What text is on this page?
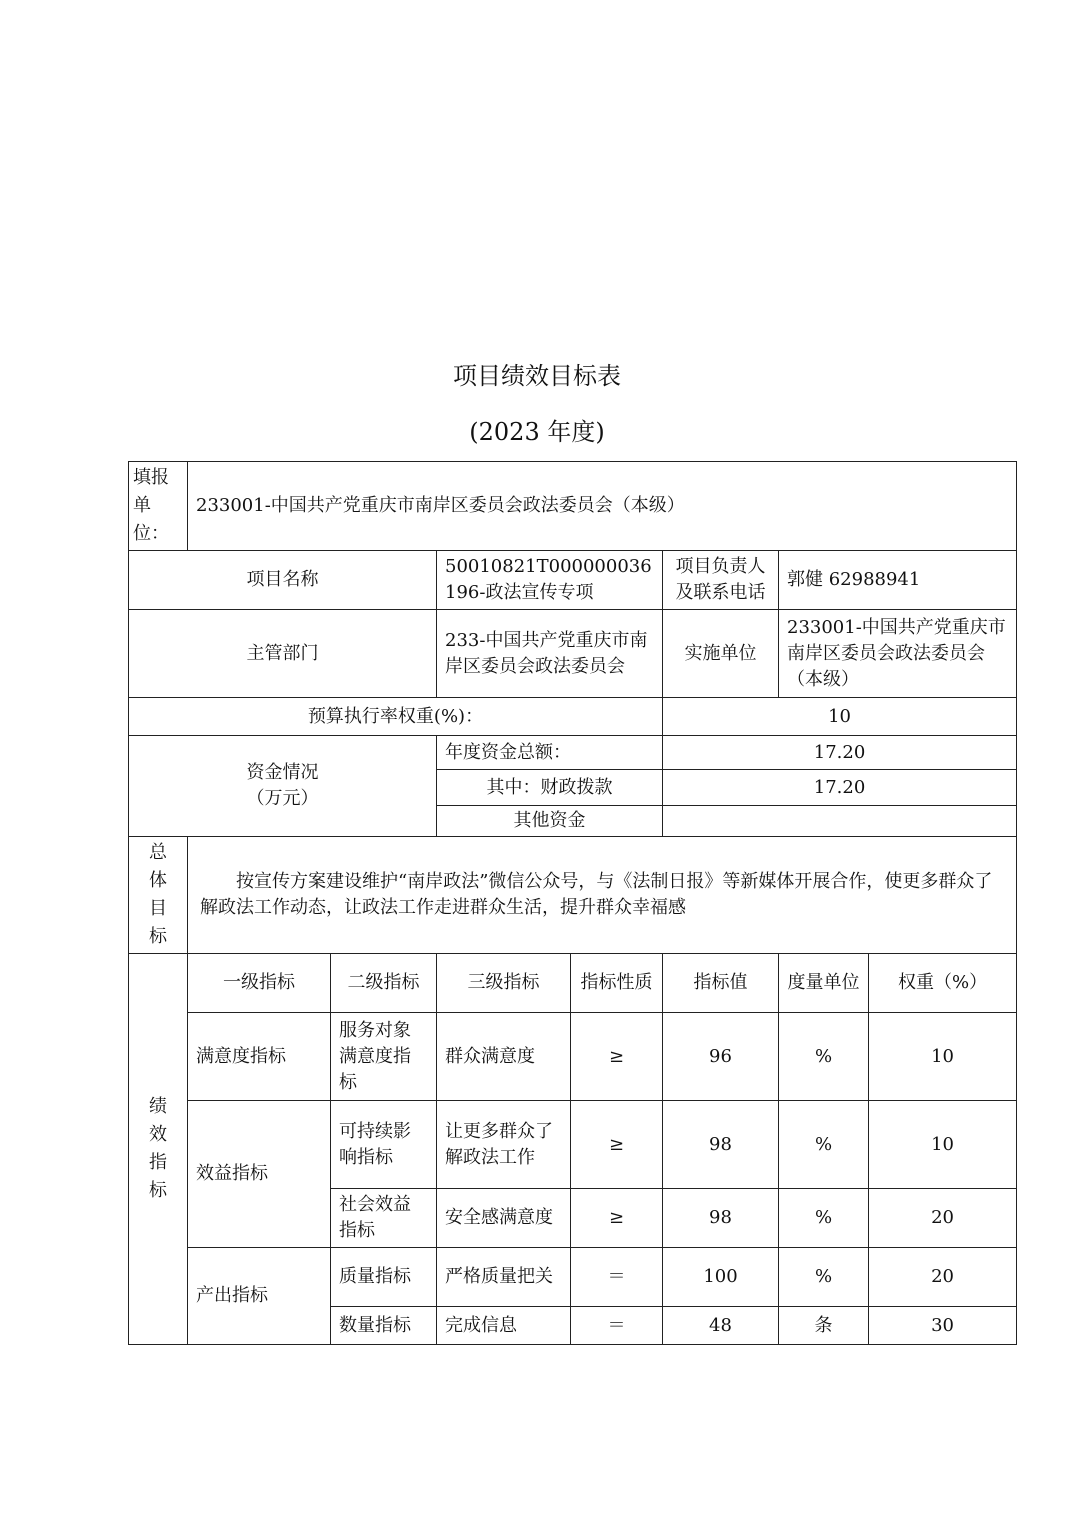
项目绩效目标表
(2023 年度)
填报
单
位：	233001-中国共产党重庆市南岸区委员会政法委员会（本级）						
项目名称			50010821T000000036196-政法宣传专项		项目负责人及联系电话	郭健 62988941	
主管部门			233-中国共产党重庆市南岸区委员会政法委员会		实施单位	233001-中国共产党重庆市南岸区委员会政法委员会（本级）	
预算执行率权重(%)：					10		

资金情况
（万元）			年度资金总额：		17.20		
			其中：财政拨款		17.20		
			其他资金				

总
体
目
标	按宣传方案建设维护“南岸政法”微信公众号，与《法制日报》等新媒体开展合作，使更多群众了解政法工作动态，让政法工作走进群众生活，提升群众幸福感						

绩
效
指
标	一级指标	二级指标	三级指标	指标性质	指标值	度量单位	权重（%）
	满意度指标	服务对象满意度指标	群众满意度	≥	96	%	10
	效益指标	可持续影响指标	让更多群众了解政法工作	≥	98	%	10
		社会效益指标	安全感满意度	≥	98	%	20
	产出指标	质量指标	严格质量把关	＝	100	%	20
		数量指标	完成信息	＝	48	条	30
